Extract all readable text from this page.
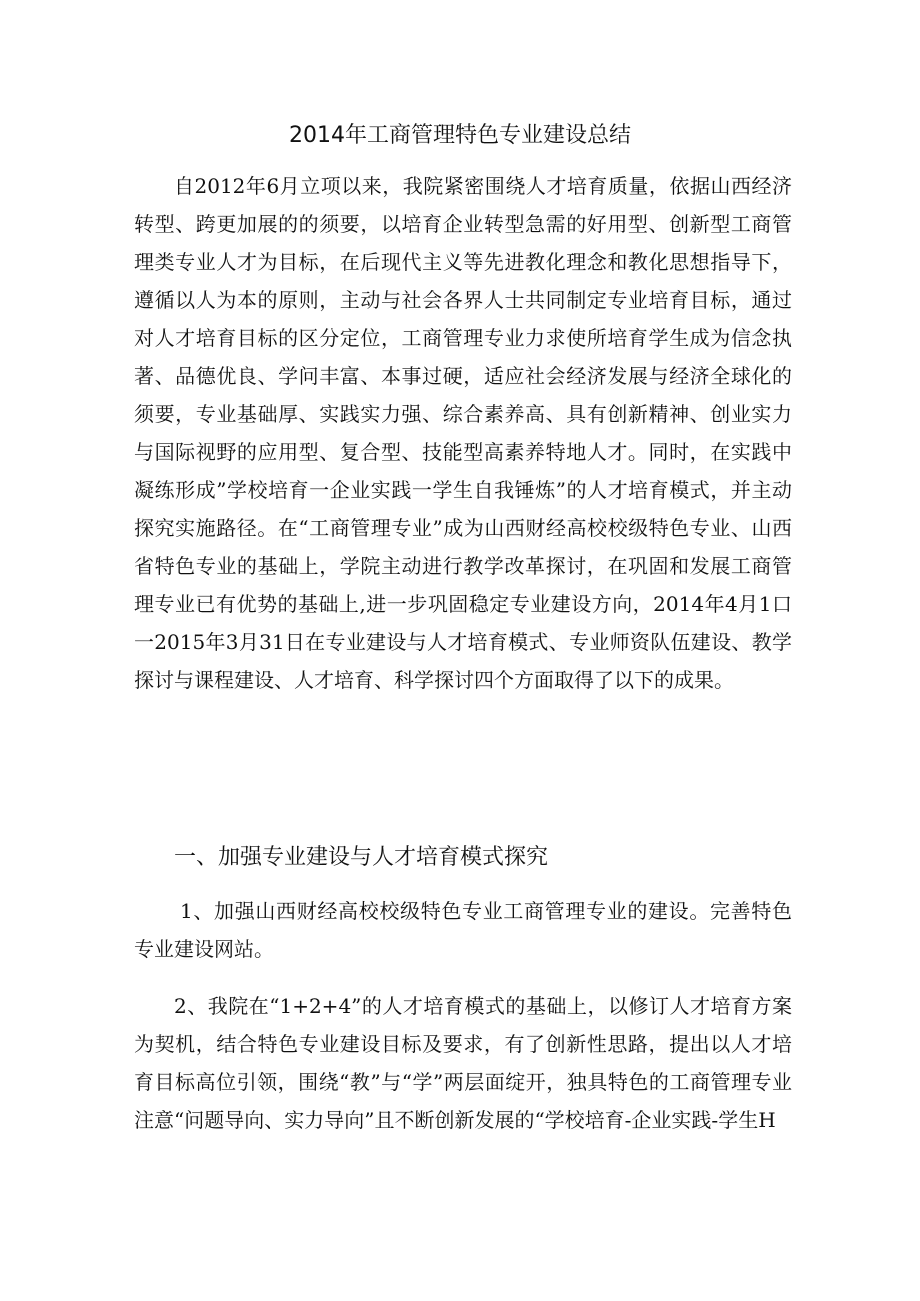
2014年工商管理特色专业建设总结
自2012年6月立项以来，我院紧密围绕人才培育质量，依据山西经济转型、跨更加展的的须要，以培育企业转型急需的好用型、创新型工商管理类专业人才为目标，在后现代主义等先进教化理念和教化思想指导下，遵循以人为本的原则，主动与社会各界人士共同制定专业培育目标，通过对人才培育目标的区分定位，工商管理专业力求使所培育学生成为信念执著、品德优良、学问丰富、本事过硬，适应社会经济发展与经济全球化的须要，专业基础厚、实践实力强、综合素养高、具有创新精神、创业实力与国际视野的应用型、复合型、技能型高素养特地人才。同时，在实践中凝练形成”学校培育一企业实践一学生自我锤炼”的人才培育模式，并主动探究实施路径。在“工商管理专业”成为山西财经高校校级特色专业、山西省特色专业的基础上，学院主动进行教学改革探讨，在巩固和发展工商管理专业已有优势的基础上,进一步巩固稳定专业建设方向，2014年4月1口一2015年3月31日在专业建设与人才培育模式、专业师资队伍建设、教学探讨与课程建设、人才培育、科学探讨四个方面取得了以下的成果。
一、加强专业建设与人才培育模式探究
1、加强山西财经高校校级特色专业工商管理专业的建设。完善特色专业建设网站。
2、我院在“1+2+4”的人才培育模式的基础上，以修订人才培育方案为契机，结合特色专业建设目标及要求，有了创新性思路，提出以人才培育目标高位引领，围绕“教”与“学”两层面绽开，独具特色的工商管理专业注意“问题导向、实力导向”且不断创新发展的“学校培育-企业实践-学生H
